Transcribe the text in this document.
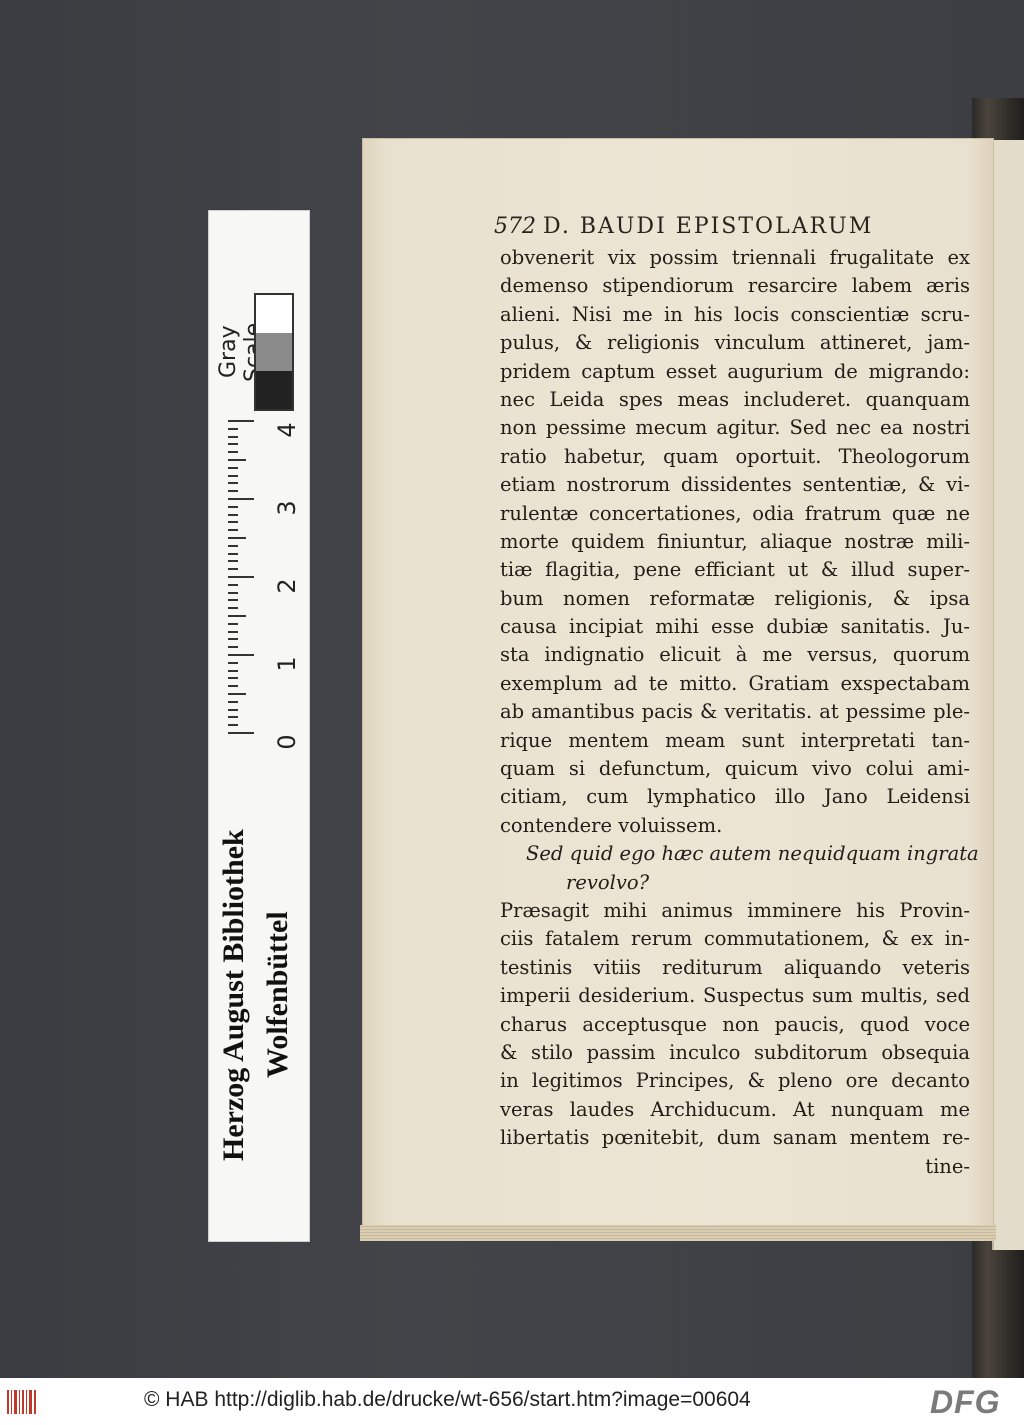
572 D. BAUDI EPISTOLARUM
obvenerit vix possim triennali frugalitate ex
demenso stipendiorum resarcire labem æris
alieni. Nisi me in his locis conscientiæ scru-
pulus, & religionis vinculum attineret, jam-
pridem captum esset augurium de migrando:
nec Leida spes meas includeret. quanquam
non pessime mecum agitur. Sed nec ea nostri
ratio habetur, quam oportuit. Theologorum
etiam nostrorum dissidentes sententiæ, & vi-
rulentæ concertationes, odia fratrum quæ ne
morte quidem finiuntur, aliaque nostræ mili-
tiæ flagitia, pene efficiant ut & illud super-
bum nomen reformatæ religionis, & ipsa
causa incipiat mihi esse dubiæ sanitatis. Ju-
sta indignatio elicuit à me versus, quorum
exemplum ad te mitto. Gratiam exspectabam
ab amantibus pacis & veritatis. at pessime ple-
rique mentem meam sunt interpretati tan-
quam si defunctum, quicum vivo colui ami-
citiam, cum lymphatico illo Jano Leidensi
contendere voluissem.
Sed quid ego hæc autem nequidquam ingrata
revolvo?
Præsagit mihi animus imminere his Provin-
ciis fatalem rerum commutationem, & ex in-
testinis vitiis rediturum aliquando veteris
imperii desiderium. Suspectus sum multis, sed
charus acceptusque non paucis, quod voce
& stilo passim inculco subditorum obsequia
in legitimos Principes, & pleno ore decanto
veras laudes Archiducum. At nunquam me
libertatis pœnitebit, dum sanam mentem re-
tine-
Gray
4
3
2
1
0
Herzog August Bibliothek Wolfenbüttel
© HAB http://diglib.hab.de/drucke/wt-656/start.htm?image=00604	DFG
